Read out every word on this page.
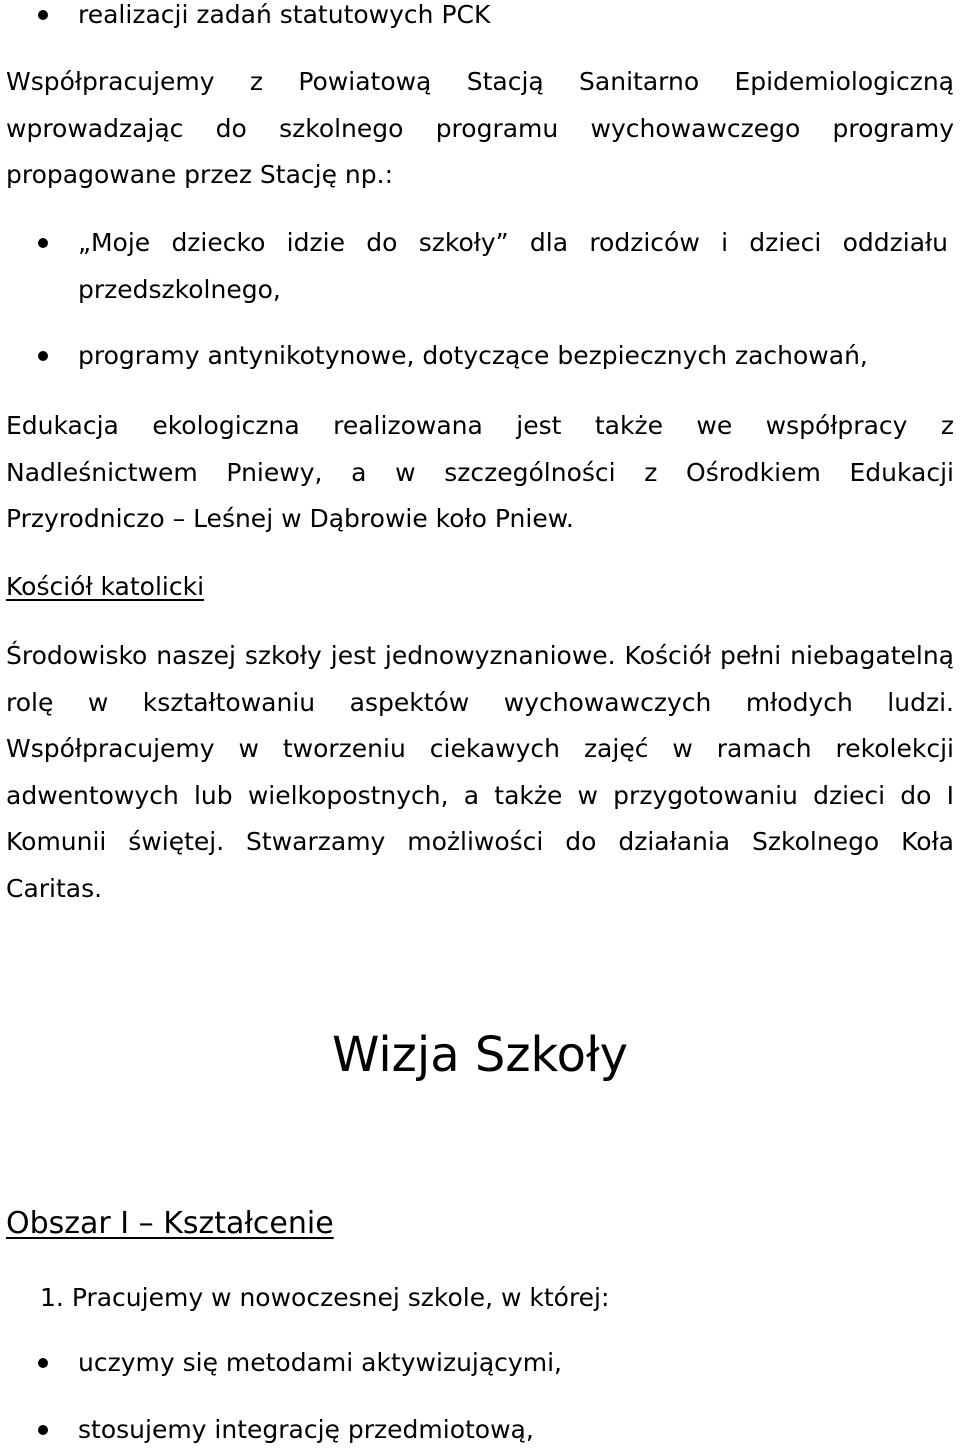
realizacji zadań statutowych PCK

Współpracujemy z Powiatową Stacją Sanitarno Epidemiologiczną wprowadzając do szkolnego programu wychowawczego programy propagowane przez Stację np.:

„Moje dziecko idzie do szkoły” dla rodziców i dzieci oddziału przedszkolnego,
programy antynikotynowe, dotyczące bezpiecznych zachowań,

Edukacja ekologiczna realizowana jest także we współpracy z Nadleśnictwem Pniewy, a w szczególności z Ośrodkiem Edukacji Przyrodniczo – Leśnej w Dąbrowie koło Pniew.

Kościół katolicki

Środowisko naszej szkoły jest jednowyznaniowe. Kościół pełni niebagatelną rolę w kształtowaniu aspektów wychowawczych młodych ludzi. Współpracujemy w tworzeniu ciekawych zajęć w ramach rekolekcji adwentowych lub wielkopostnych, a także w przygotowaniu dzieci do I Komunii świętej. Stwarzamy możliwości do działania Szkolnego Koła Caritas.

Wizja Szkoły
Obszar I – Kształcenie
1. Pracujemy w nowoczesnej szkole, w której:
uczymy się metodami aktywizującymi,
stosujemy integrację przedmiotową,
